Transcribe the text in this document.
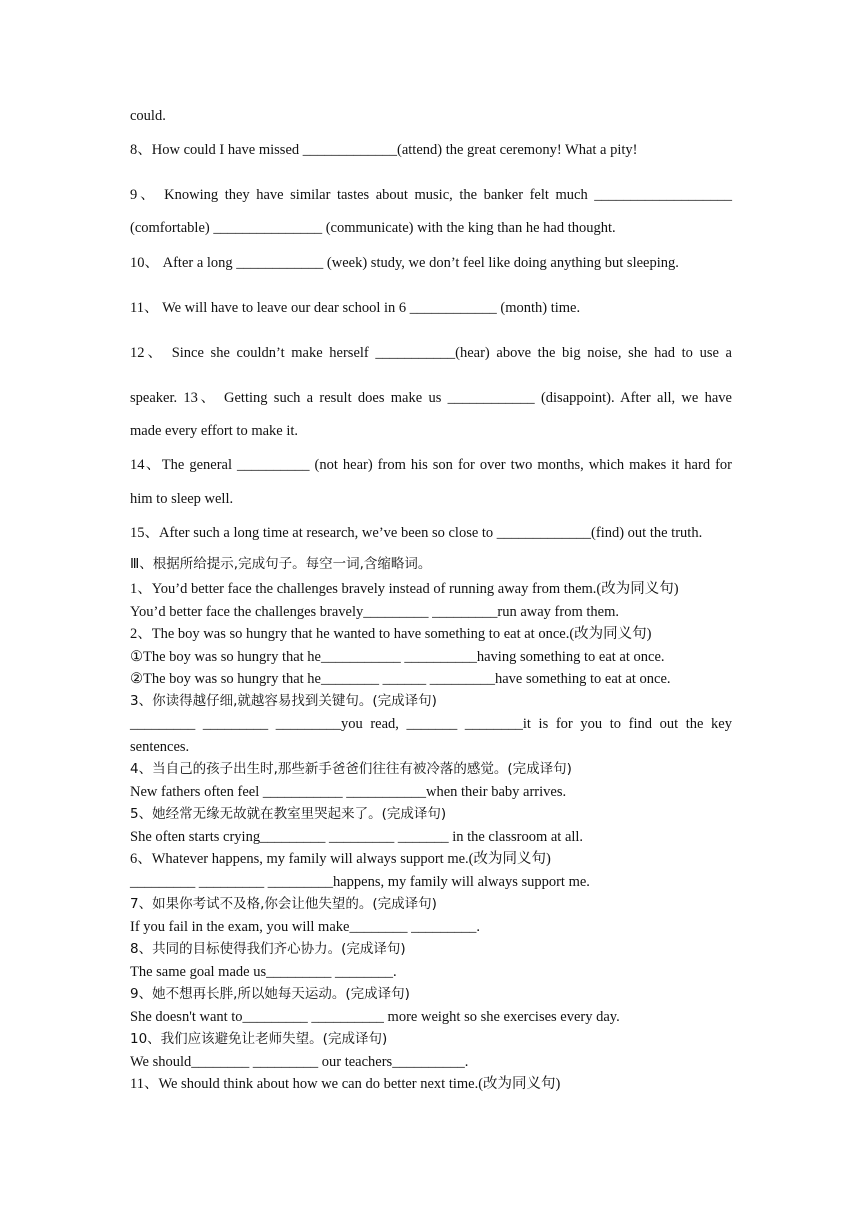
could.
8、How could I have missed _____________(attend) the great ceremony! What a pity!
9、 Knowing they have similar tastes about music, the banker felt much ___________________
(comfortable) _______________ (communicate) with the king than he had thought.
10、 After a long ____________ (week) study, we don’t feel like doing anything but sleeping.
11、 We will have to leave our dear school in 6 ____________ (month) time.
12、 Since she couldn’t make herself ___________(hear) above the big noise, she had to use a
speaker. 13、 Getting such a result does make us ____________ (disappoint). After all, we have
made every effort to make it.
14、The general __________ (not hear) from his son for over two months, which makes it hard for
him to sleep well.
15、After such a long time at research, we’ve been so close to _____________(find) out the truth.
Ⅲ、根据所给提示,完成句子。每空一词,含缩略词。
1、You’d better face the challenges bravely instead of running away from them.(改为同义句)
You’d better face the challenges bravely_________ _________run away from them.
2、The boy was so hungry that he wanted to have something to eat at once.(改为同义句)
①The boy was so hungry that he___________ __________having something to eat at once.
②The boy was so hungry that he________ ______ _________have something to eat at once.
3、你读得越仔细,就越容易找到关键句。(完成译句)
_________ _________ _________you read, _______ ________it is for you to find out the key
sentences.
4、当自己的孩子出生时,那些新手爸爸们往往有被冷落的感觉。(完成译句)
New fathers often feel ___________ ___________when their baby arrives.
5、她经常无缘无故就在教室里哭起来了。(完成译句)
She often starts crying_________ _________ _______ in the classroom at all.
6、Whatever happens, my family will always support me.(改为同义句)
_________ _________ _________happens, my family will always support me.
7、如果你考试不及格,你会让他失望的。(完成译句)
If you fail in the exam, you will make________ _________.
8、共同的目标使得我们齐心协力。(完成译句)
The same goal made us_________ ________.
9、她不想再长胖,所以她每天运动。(完成译句)
She doesn't want to_________ __________ more weight so she exercises every day.
10、我们应该避免让老师失望。(完成译句)
We should________ _________ our teachers__________.
11、We should think about how we can do better next time.(改为同义句)
